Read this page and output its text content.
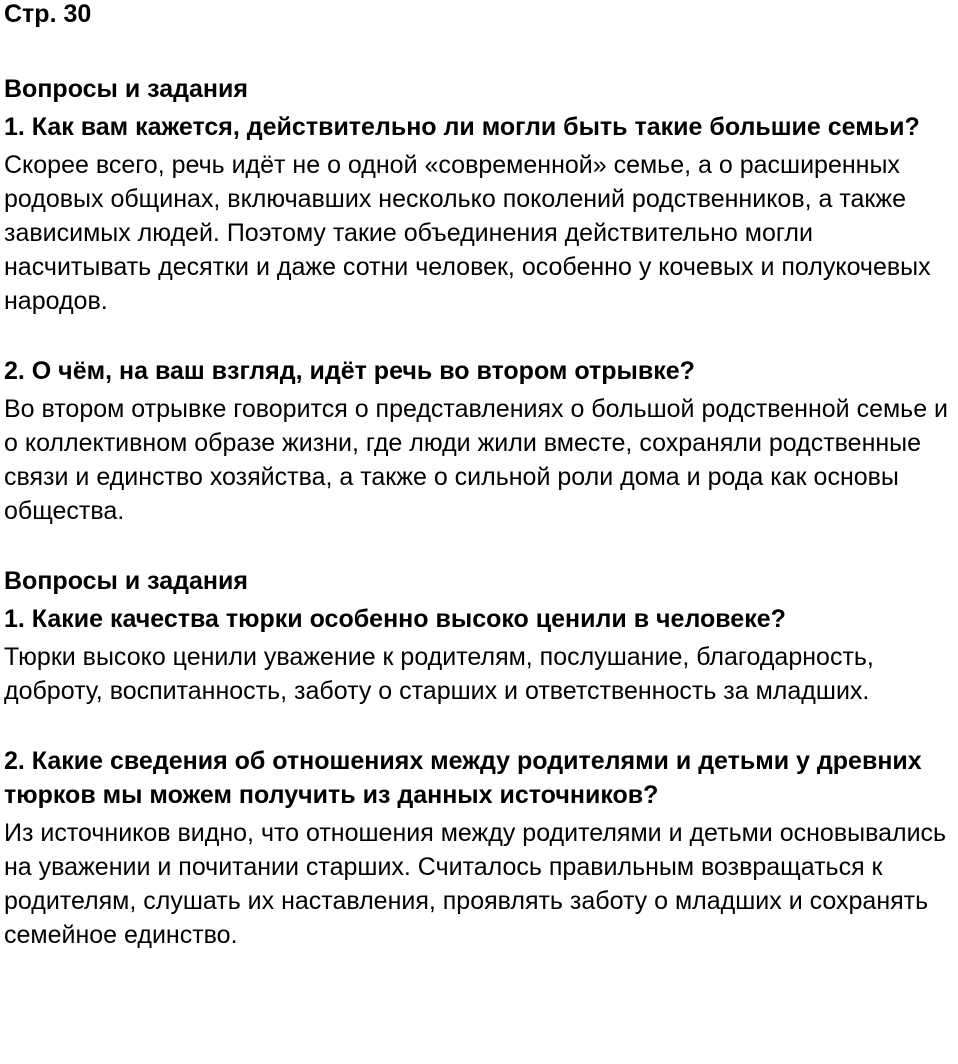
Стр. 30
Вопросы и задания

1. Как вам кажется, действительно ли могли быть такие большие семьи?

Скорее всего, речь идёт не о одной «современной» семье, а о расширенных родовых общинах, включавших несколько поколений родственников, а также зависимых людей. Поэтому такие объединения действительно могли насчитывать десятки и даже сотни человек, особенно у кочевых и полукочевых народов.

2. О чём, на ваш взгляд, идёт речь во втором отрывке?

Во втором отрывке говорится о представлениях о большой родственной семье и о коллективном образе жизни, где люди жили вместе, сохраняли родственные связи и единство хозяйства, а также о сильной роли дома и рода как основы общества.

Вопросы и задания

1. Какие качества тюрки особенно высоко ценили в человеке?

Тюрки высоко ценили уважение к родителям, послушание, благодарность, доброту, воспитанность, заботу о старших и ответственность за младших.

2. Какие сведения об отношениях между родителями и детьми у древних тюрков мы можем получить из данных источников?

Из источников видно, что отношения между родителями и детьми основывались на уважении и почитании старших. Считалось правильным возвращаться к родителям, слушать их наставления, проявлять заботу о младших и сохранять семейное единство.
